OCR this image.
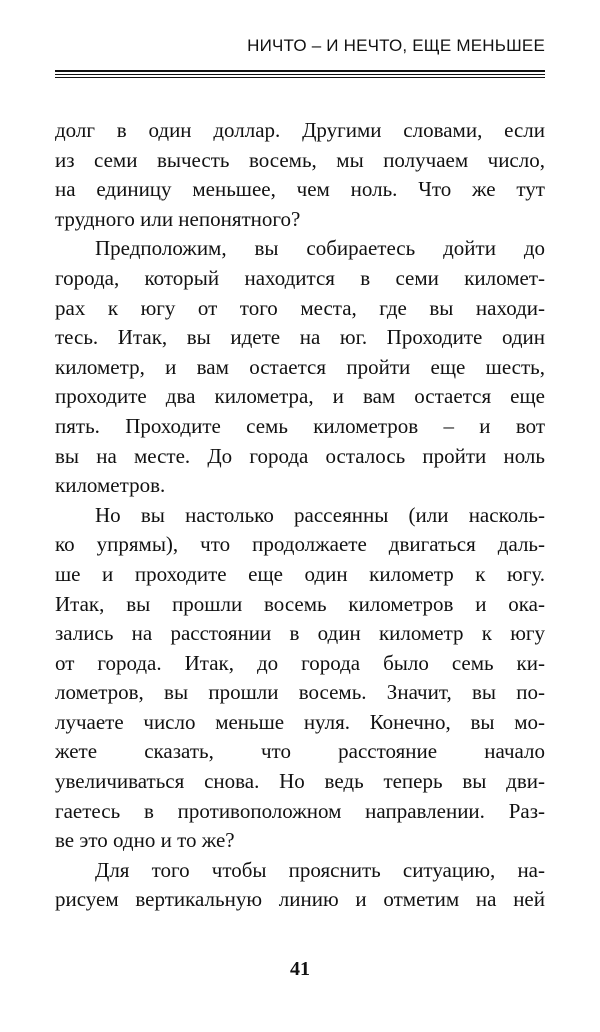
НИЧТО – И НЕЧТО, ЕЩЕ МЕНЬШЕЕ
долг в один доллар. Другими словами, если
из семи вычесть восемь, мы получаем число,
на единицу меньшее, чем ноль. Что же тут
трудного или непонятного?
Предположим, вы собираетесь дойти до
города, который находится в семи километ-
рах к югу от того места, где вы находи-
тесь. Итак, вы идете на юг. Проходите один
километр, и вам остается пройти еще шесть,
проходите два километра, и вам остается еще
пять. Проходите семь километров – и вот
вы на месте. До города осталось пройти ноль
километров.
Но вы настолько рассеянны (или насколь-
ко упрямы), что продолжаете двигаться даль-
ше и проходите еще один километр к югу.
Итак, вы прошли восемь километров и ока-
зались на расстоянии в один километр к югу
от города. Итак, до города было семь ки-
лометров, вы прошли восемь. Значит, вы по-
лучаете число меньше нуля. Конечно, вы мо-
жете сказать, что расстояние начало
увеличиваться снова. Но ведь теперь вы дви-
гаетесь в противоположном направлении. Раз-
ве это одно и то же?
Для того чтобы прояснить ситуацию, на-
рисуем вертикальную линию и отметим на ней
41
